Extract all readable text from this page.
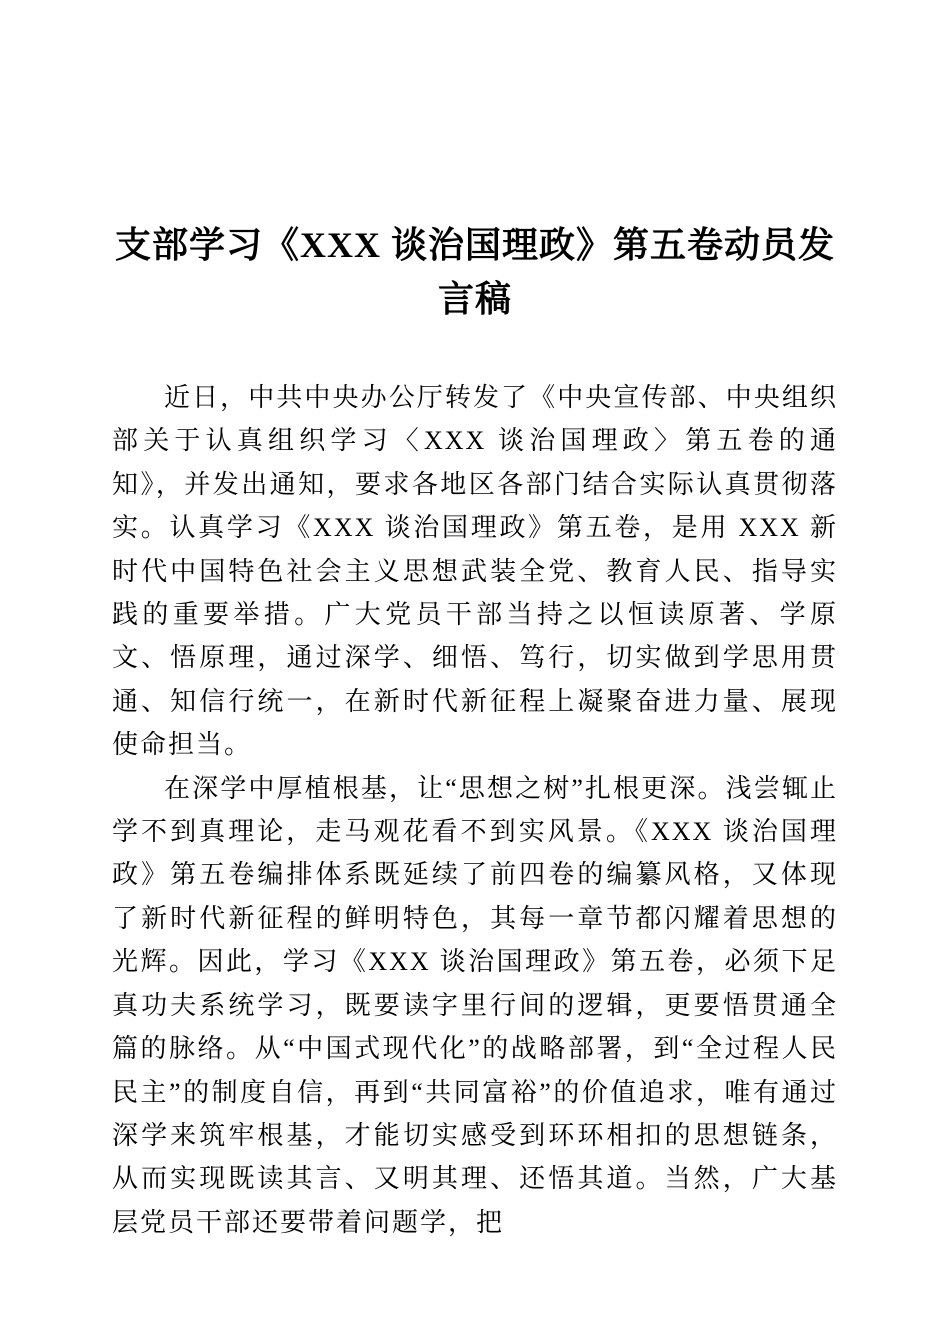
支部学习《XXX 谈治国理政》第五卷动员发言稿

近日，中共中央办公厅转发了《中央宣传部、中央组织部关于认真组织学习〈XXX 谈治国理政〉第五卷的通知》，并发出通知，要求各地区各部门结合实际认真贯彻落实。认真学习《XXX 谈治国理政》第五卷，是用 XXX 新时代中国特色社会主义思想武装全党、教育人民、指导实践的重要举措。广大党员干部当持之以恒读原著、学原文、悟原理，通过深学、细悟、笃行，切实做到学思用贯通、知信行统一，在新时代新征程上凝聚奋进力量、展现使命担当。

在深学中厚植根基，让“思想之树”扎根更深。浅尝辄止学不到真理论，走马观花看不到实风景。《XXX 谈治国理政》第五卷编排体系既延续了前四卷的编纂风格，又体现了新时代新征程的鲜明特色，其每一章节都闪耀着思想的光辉。因此，学习《XXX 谈治国理政》第五卷，必须下足真功夫系统学习，既要读字里行间的逻辑，更要悟贯通全篇的脉络。从“中国式现代化”的战略部署，到“全过程人民民主”的制度自信，再到“共同富裕”的价值追求，唯有通过深学来筑牢根基，才能切实感受到环环相扣的思想链条，从而实现既读其言、又明其理、还悟其道。当然，广大基层党员干部还要带着问题学，把
